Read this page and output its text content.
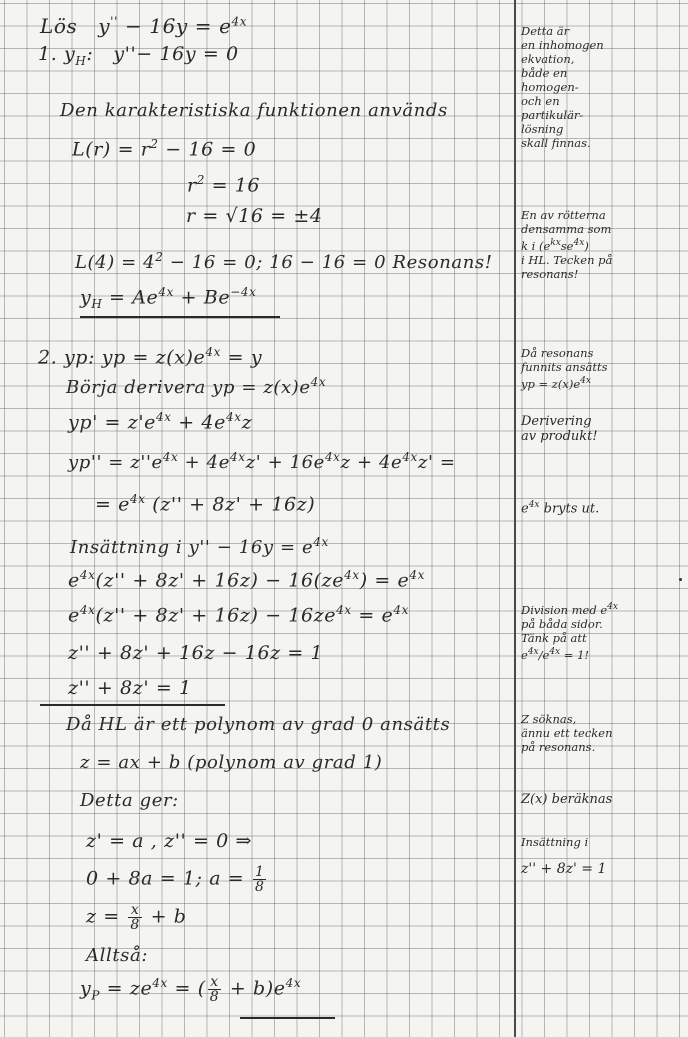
Lös $y'' - 16y = e^{4x}$
1. $y_H$: y''− 16y = 0
Den karakteristiska funktionen används
$L(r) = r^2 - 16 = 0$
$r^2 = 16$
r = √16 = ±4
$L(4) = 4^2 - 16 = 0$; 16 − 16 = 0 Resonans!
$y_H = Ae^{4x} + Be^{-4x}$
2. yp: yp = $z(x)e^{4x} = y$
Börja derivera yp = $z(x)e^{4x}$
$yp' = z'e^{4x} + 4e^{4x}z$
$yp'' = z''e^{4x} + 4e^{4x}z' + 16e^{4x}z + 4e^{4x}z'$ =
= $e^{4x}$ (z'' + 8z' + 16z)
Insättning i $y'' - 16y = e^{4x}$
$e^{4x}(z'' + 8z' + 16z) - 16(ze^{4x}) = e^{4x}$
$e^{4x}(z'' + 8z' + 16z) - 16ze^{4x} = e^{4x}$
z'' + 8z' + 16z − 16z = 1
z'' + 8z' = 1
Då HL är ett polynom av grad 0 ansätts
z = ax + b (polynom av grad 1)
Detta ger:
z' = a , z'' = 0 ⇒
0 + 8a = 1; $a = \frac{1}{8}$
$z = \frac{x}{8} + b$
Alltså:
$y_P = ze^{4x}$ = ( $\frac{x}{8} + b)e^{4x}$
Detta är
en inhomogen
ekvation,
både en
homogen-
och en
partikulär-
lösning
skall finnas.
En av rötterna
densamma som
k i $(e^{kx}se^{4x})$
i HL. Tecken på
resonans!
Då resonans
funnits ansätts
yp = $z(x)e^{4x}$
Derivering
av produkt!
$e^{4x}$ bryts ut.
Division med $e^{4x}$
på båda sidor.
Tänk på att
$e^{4x}/e^{4x} = 1$!
Z söknas,
ännu ett tecken
på resonans.
Z(x) beräknas
Insättning i
z'' + 8z' = 1
